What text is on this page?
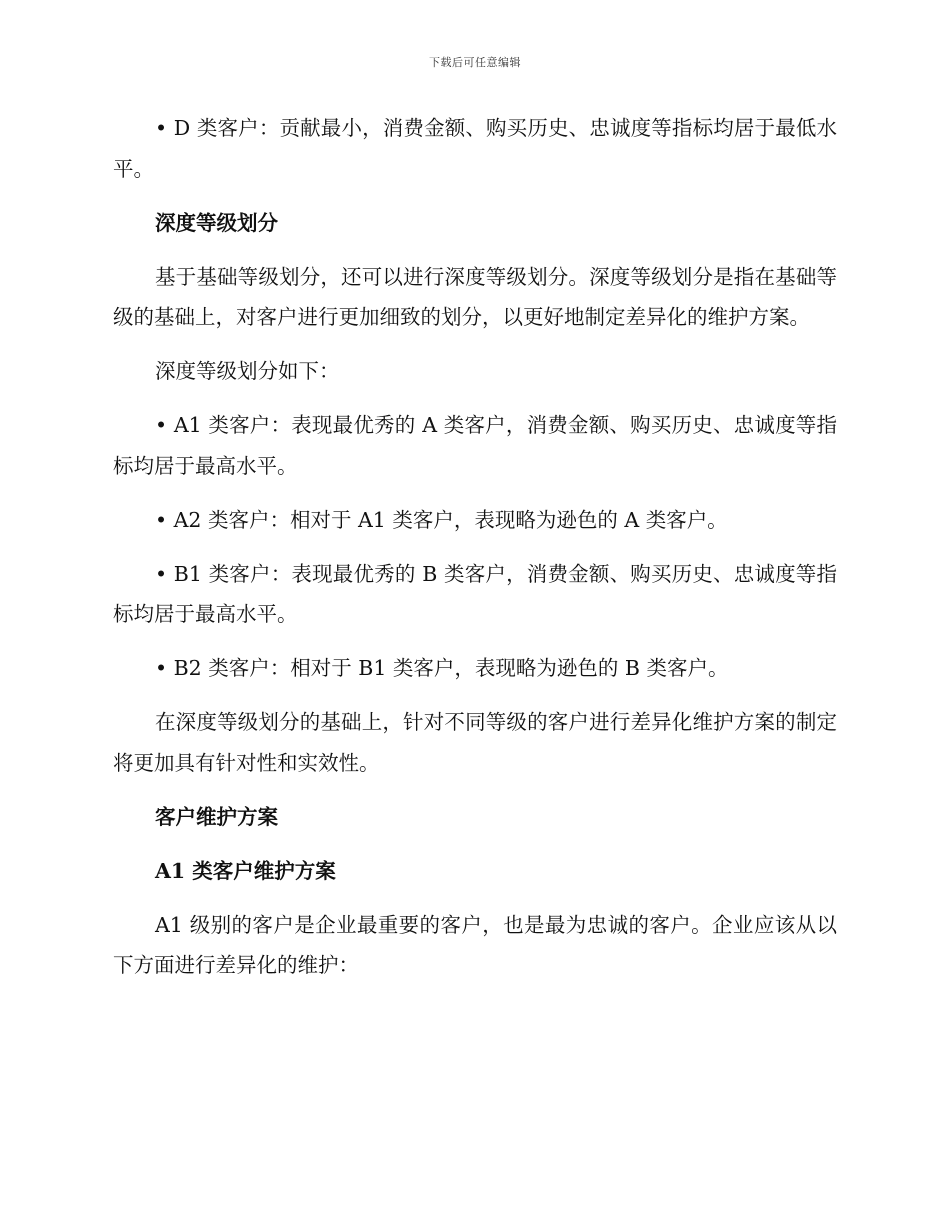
下载后可任意编辑

• D 类客户：贡献最小，消费金额、购买历史、忠诚度等指标均居于最低水平。

深度等级划分

基于基础等级划分，还可以进行深度等级划分。深度等级划分是指在基础等级的基础上，对客户进行更加细致的划分，以更好地制定差异化的维护方案。

深度等级划分如下：

• A1 类客户：表现最优秀的 A 类客户，消费金额、购买历史、忠诚度等指标均居于最高水平。

• A2 类客户：相对于 A1 类客户，表现略为逊色的 A 类客户。

• B1 类客户：表现最优秀的 B 类客户，消费金额、购买历史、忠诚度等指标均居于最高水平。

• B2 类客户：相对于 B1 类客户，表现略为逊色的 B 类客户。

在深度等级划分的基础上，针对不同等级的客户进行差异化维护方案的制定将更加具有针对性和实效性。

客户维护方案

A1 类客户维护方案

A1 级别的客户是企业最重要的客户，也是最为忠诚的客户。企业应该从以下方面进行差异化的维护：
